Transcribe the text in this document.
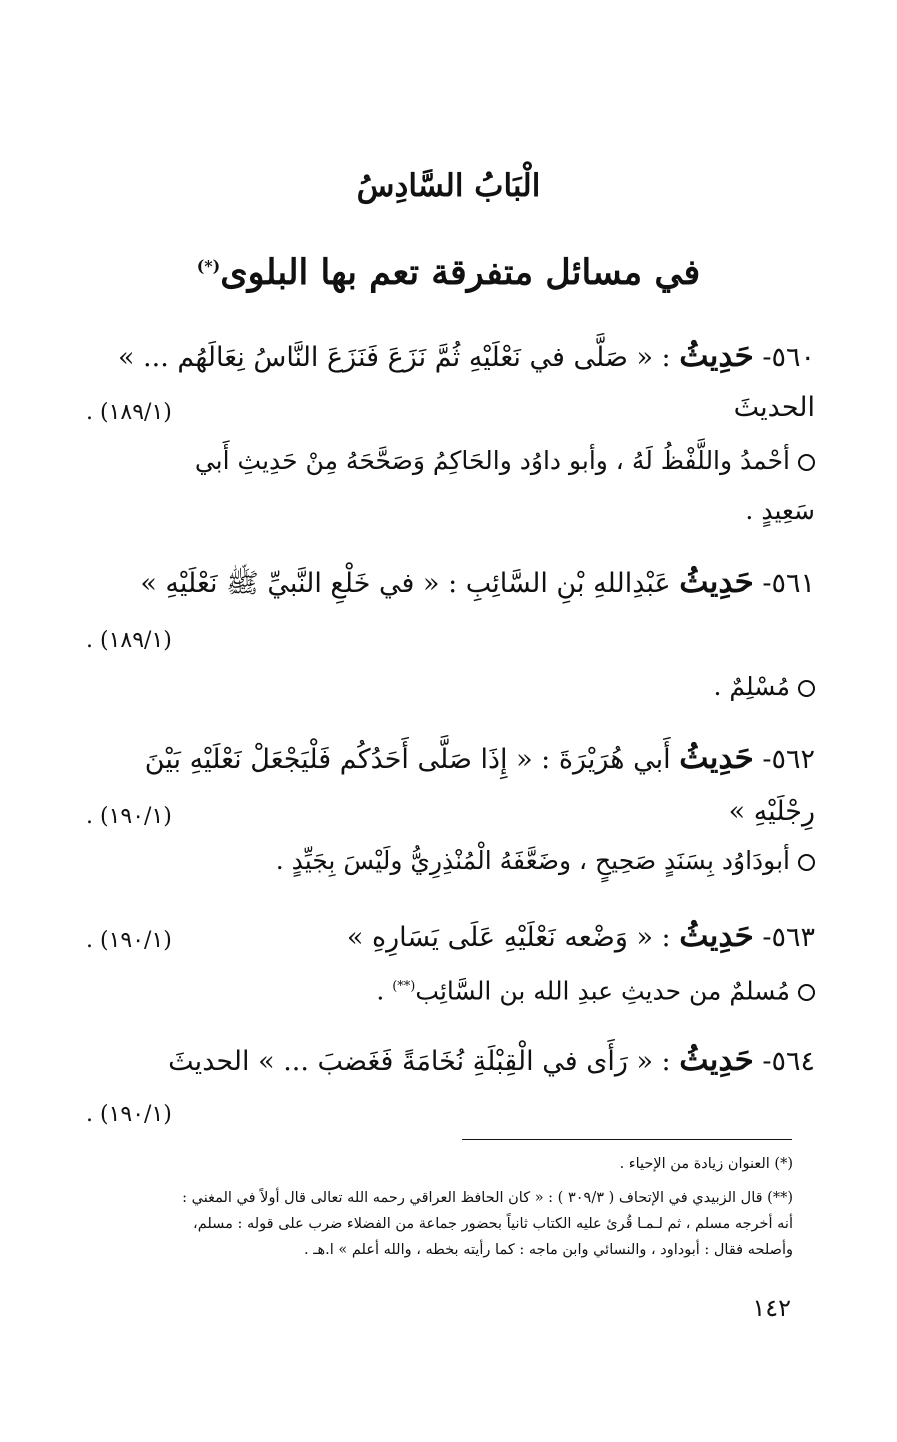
الْبَابُ السَّادِسُ
في مسائل متفرقة تعم بها البلوى(*)
٥٦٠- حَدِيثُ : « صَلَّى في نَعْلَيْهِ ثُمَّ نَزَعَ فَنَزَعَ النَّاسُ نِعَالَهُم ... »
الحديثَ
(١٨٩/١) .
أحْمدُ واللَّفْظُ لَهُ ، وأبو داوُد والحَاكِمُ وَصَحَّحَهُ مِنْ حَدِيثِ أَبي
سَعِيدٍ .
٥٦١- حَدِيثُ عَبْدِاللهِ بْنِ السَّائِبِ : « في خَلْعِ النَّبيِّ ﷺ نَعْلَيْهِ »
(١٨٩/١) .
مُسْلِمٌ .
٥٦٢- حَدِيثُ أَبي هُرَيْرَةَ : « إِذَا صَلَّى أَحَدُكُم فَلْيَجْعَلْ نَعْلَيْهِ بَيْنَ
رِجْلَيْهِ »
(١٩٠/١) .
أبودَاوُد بِسَنَدٍ صَحِيحٍ ، وضَعَّفَهُ الْمُنْذِرِيُّ ولَيْسَ بِجَيِّدٍ .
٥٦٣- حَدِيثُ : « وَضْعه نَعْلَيْهِ عَلَى يَسَارِهِ »
(١٩٠/١) .
مُسلمٌ من حديثِ عبدِ الله بن السَّائِب(**) .
٥٦٤- حَدِيثُ : « رَأَى في الْقِبْلَةِ نُخَامَةً فَغَضبَ ... » الحديثَ
(١٩٠/١) .
(*) العنوان زيادة من الإحياء .
(**) قال الزبيدي في الإتحاف ( ٣٠٩/٣ ) : « كان الحافظ العراقي رحمه الله تعالى قال أولاً في المغني :
أنه أخرجه مسلم ، ثم لـمـا قُرئ عليه الكتاب ثانياً بحضور جماعة من الفضلاء ضرب على قوله : مسلم،
وأصلحه فقال : أبوداود ، والنسائي وابن ماجه : كما رأيته بخطه ، والله أعلم » ا.هـ .
١٤٢
